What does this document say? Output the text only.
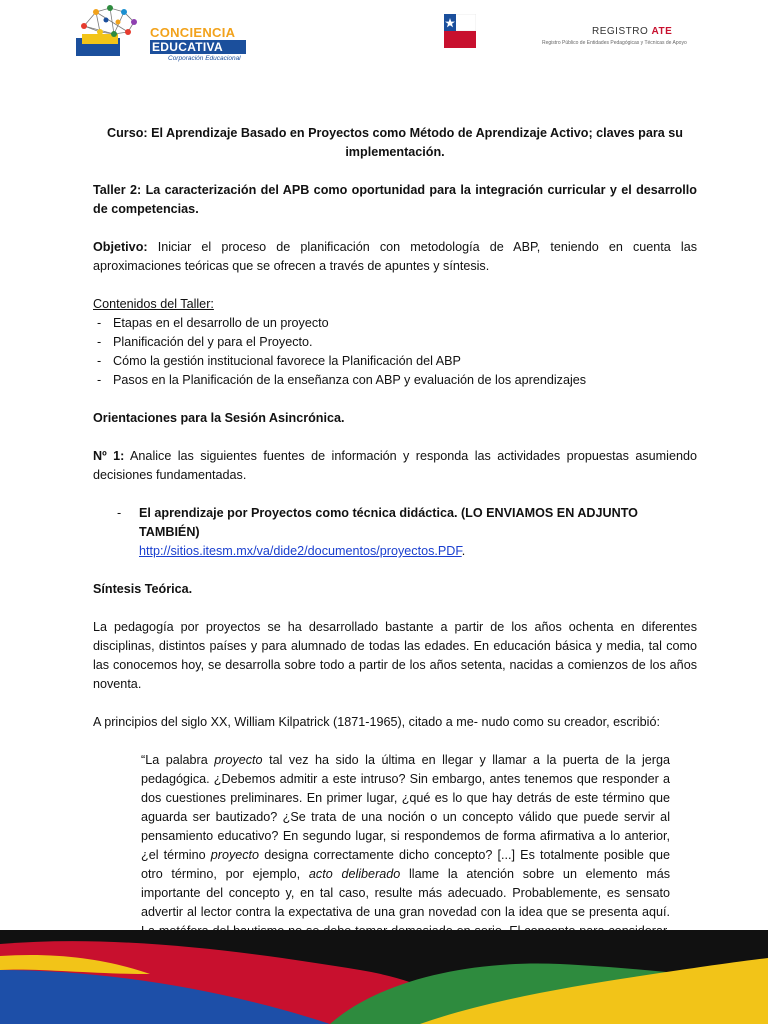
CONCIENCIA
EDUCATIVA
Corporación Educacional
REGISTRO ATE
Registro Público de Entidades Pedagógicas y Técnicas de Apoyo

Curso: El Aprendizaje Basado en Proyectos como Método de Aprendizaje Activo; claves para su implementación.

Taller 2: La caracterización del APB como oportunidad para la integración curricular y el desarrollo de competencias.

Objetivo: Iniciar el proceso de planificación con metodología de ABP, teniendo en cuenta las aproximaciones teóricas que se ofrecen a través de apuntes y síntesis.

Contenidos del Taller:

- Etapas en el desarrollo de un proyecto
- Planificación del y para el Proyecto.
- Cómo la gestión institucional favorece la Planificación del ABP
- Pasos en la Planificación de la enseñanza con ABP y evaluación de los aprendizajes

Orientaciones para la Sesión Asincrónica.

Nº 1: Analice las siguientes fuentes de información y responda las actividades propuestas asumiendo decisiones fundamentadas.

- El aprendizaje por Proyectos como técnica didáctica. (LO ENVIAMOS EN ADJUNTO TAMBIÉN)

http://sitios.itesm.mx/va/dide2/documentos/proyectos.PDF.

Síntesis Teórica.

La pedagogía por proyectos se ha desarrollado bastante a partir de los años ochenta en diferentes disciplinas, distintos países y para alumnado de todas las edades. En educación básica y media, tal como las conocemos hoy, se desarrolla sobre todo a partir de los años setenta, nacidas a comienzos de los años noventa.

A principios del siglo XX, William Kilpatrick (1871-1965), citado a me- nudo como su creador, escribió:

“La palabra proyecto tal vez ha sido la última en llegar y llamar a la puerta de la jerga pedagógica. ¿Debemos admitir a este intruso? Sin embargo, antes tenemos que responder a dos cuestiones preliminares. En primer lugar, ¿qué es lo que hay detrás de este término que aguarda ser bautizado? ¿Se trata de una noción o un concepto válido que puede servir al pensamiento educativo? En segundo lugar, si respondemos de forma afirmativa a lo anterior, ¿el término proyecto designa correctamente dicho concepto? [...] Es totalmente posible que otro término, por ejemplo, acto deliberado llame la atención sobre un elemento más importante del concepto y, en tal caso, resulte más adecuado. Probablemente, es sensato advertir al lector contra la expectativa de una gran novedad con la idea que se presenta aquí.
